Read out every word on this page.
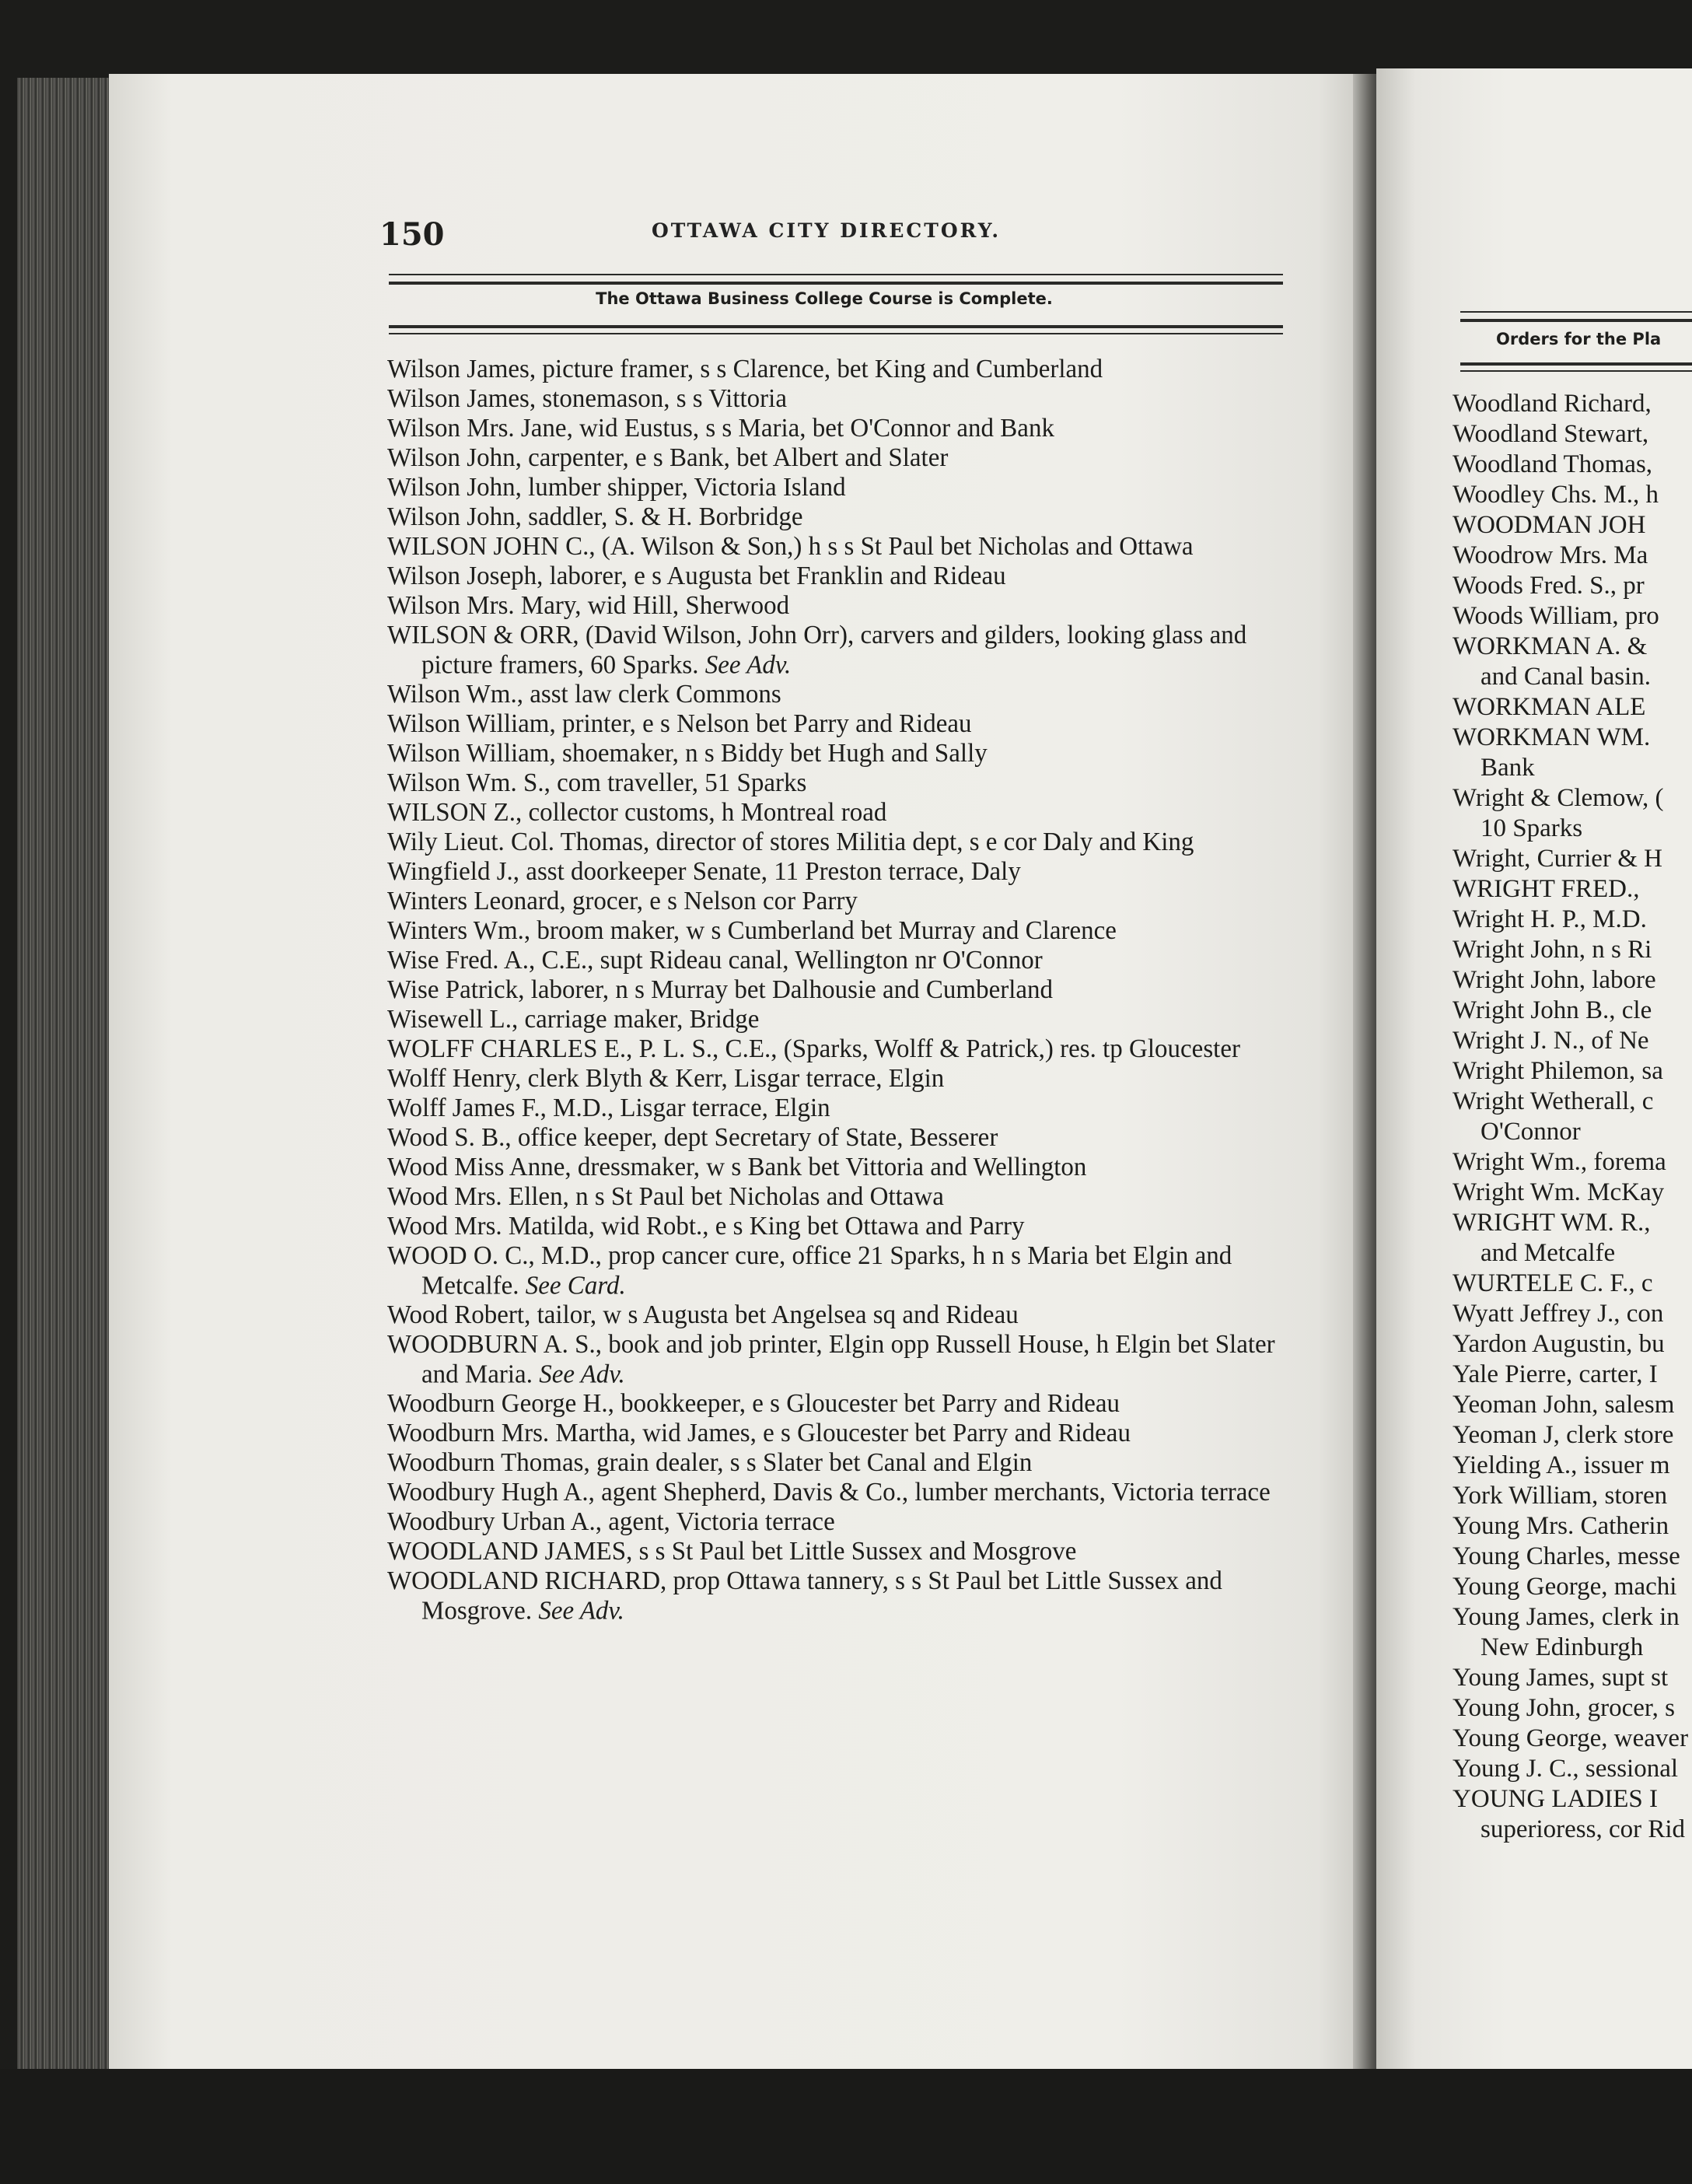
150	OTTAWA CITY DIRECTORY.
The Ottawa Business College Course is Complete.

Wilson James, picture framer, s s Clarence, bet King and Cumberland

Wilson James, stonemason, s s Vittoria

Wilson Mrs. Jane, wid Eustus, s s Maria, bet O'Connor and Bank

Wilson John, carpenter, e s Bank, bet Albert and Slater

Wilson John, lumber shipper, Victoria Island

Wilson John, saddler, S. & H. Borbridge

WILSON JOHN C., (A. Wilson & Son,) h s s St Paul bet Nicholas and Ottawa

Wilson Joseph, laborer, e s Augusta bet Franklin and Rideau

Wilson Mrs. Mary, wid Hill, Sherwood

WILSON & ORR, (David Wilson, John Orr), carvers and gilders, looking glass and picture framers, 60 Sparks. See Adv.

Wilson Wm., asst law clerk Commons

Wilson William, printer, e s Nelson bet Parry and Rideau

Wilson William, shoemaker, n s Biddy bet Hugh and Sally

Wilson Wm. S., com traveller, 51 Sparks

WILSON Z., collector customs, h Montreal road

Wily Lieut. Col. Thomas, director of stores Militia dept, s e cor Daly and King

Wingfield J., asst doorkeeper Senate, 11 Preston terrace, Daly

Winters Leonard, grocer, e s Nelson cor Parry

Winters Wm., broom maker, w s Cumberland bet Murray and Clarence

Wise Fred. A., C.E., supt Rideau canal, Wellington nr O'Connor

Wise Patrick, laborer, n s Murray bet Dalhousie and Cumberland

Wisewell L., carriage maker, Bridge

WOLFF CHARLES E., P. L. S., C.E., (Sparks, Wolff & Patrick,) res. tp Gloucester

Wolff Henry, clerk Blyth & Kerr, Lisgar terrace, Elgin

Wolff James F., M.D., Lisgar terrace, Elgin

Wood S. B., office keeper, dept Secretary of State, Besserer

Wood Miss Anne, dressmaker, w s Bank bet Vittoria and Wellington

Wood Mrs. Ellen, n s St Paul bet Nicholas and Ottawa

Wood Mrs. Matilda, wid Robt., e s King bet Ottawa and Parry

WOOD O. C., M.D., prop cancer cure, office 21 Sparks, h n s Maria bet Elgin and Metcalfe. See Card.

Wood Robert, tailor, w s Augusta bet Angelsea sq and Rideau

WOODBURN A. S., book and job printer, Elgin opp Russell House, h Elgin bet Slater and Maria. See Adv.

Woodburn George H., bookkeeper, e s Gloucester bet Parry and Rideau

Woodburn Mrs. Martha, wid James, e s Gloucester bet Parry and Rideau

Woodburn Thomas, grain dealer, s s Slater bet Canal and Elgin

Woodbury Hugh A., agent Shepherd, Davis & Co., lumber merchants, Victoria terrace

Woodbury Urban A., agent, Victoria terrace

WOODLAND JAMES, s s St Paul bet Little Sussex and Mosgrove

WOODLAND RICHARD, prop Ottawa tannery, s s St Paul bet Little Sussex and Mosgrove. See Adv.

Orders for the Pla

Woodland Richard,

Woodland Stewart,

Woodland Thomas,

Woodley Chs. M., h

WOODMAN JOH

Woodrow Mrs. Ma

Woods Fred. S., pr

Woods William, pro

WORKMAN A. &

and Canal basin.

WORKMAN ALE

WORKMAN WM.

Bank

Wright & Clemow, (

10 Sparks

Wright, Currier & H

WRIGHT FRED.,

Wright H. P., M.D.

Wright John, n s Ri

Wright John, labore

Wright John B., cle

Wright J. N., of Ne

Wright Philemon, sa

Wright Wetherall, c

O'Connor

Wright Wm., forema

Wright Wm. McKay

WRIGHT WM. R.,

and Metcalfe

WURTELE C. F., c

Wyatt Jeffrey J., con

Yardon Augustin, bu

Yale Pierre, carter, I

Yeoman John, salesm

Yeoman J, clerk store

Yielding A., issuer m

York William, storen

Young Mrs. Catherin

Young Charles, messe

Young George, machi

Young James, clerk in

New Edinburgh

Young James, supt st

Young John, grocer, s

Young George, weaver

Young J. C., sessional

YOUNG LADIES I

superioress, cor Rid
